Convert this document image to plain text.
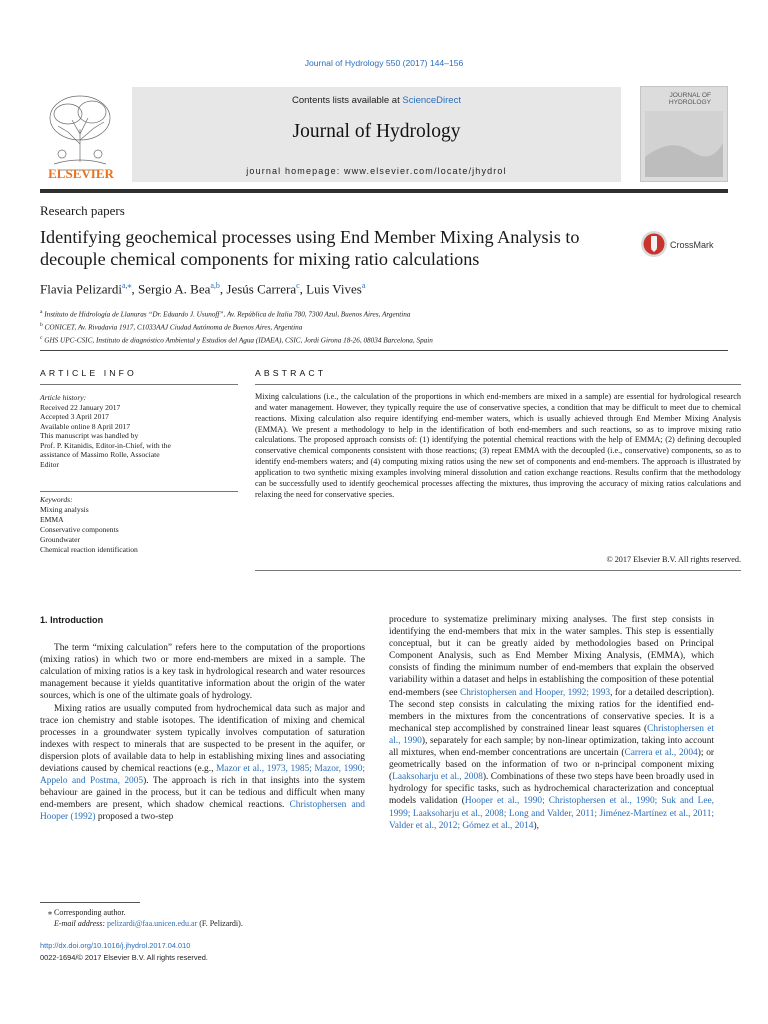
Journal of Hydrology 550 (2017) 144–156
ELSEVIER
Contents lists available at ScienceDirect
Journal of Hydrology
journal homepage: www.elsevier.com/locate/jhydrol
JOURNAL OF HYDROLOGY
Research papers
Identifying geochemical processes using End Member Mixing Analysis to decouple chemical components for mixing ratio calculations
CrossMark
Flavia Pelizardi$^{a,⁎}$, Sergio A. Bea$^{a,b}$, Jesús Carrera$^c$, Luis Vives$^a$
$^a$ Instituto de Hidrología de Llanuras “Dr. Eduardo J. Usunoff”, Av. República de Italia 780, 7300 Azul, Buenos Aires, Argentina
$^b$ CONICET, Av. Rivadavia 1917, C1033AAJ Ciudad Autónoma de Buenos Aires, Argentina
$^c$ GHS UPC-CSIC, Instituto de diagnóstico Ambiental y Estudios del Agua (IDAEA), CSIC, Jordi Girona 18-26, 08034 Barcelona, Spain
ARTICLE INFO
Article history:
Received 22 January 2017
Accepted 3 April 2017
Available online 8 April 2017
This manuscript was handled by
Prof. P. Kitanidis, Editor-in-Chief, with the
assistance of Massimo Rolle, Associate
Editor
Keywords:
Mixing analysis
EMMA
Conservative components
Groundwater
Chemical reaction identification
ABSTRACT
Mixing calculations (i.e., the calculation of the proportions in which end-members are mixed in a sample) are essential for hydrological research and water management. However, they typically require the use of conservative species, a condition that may be difficult to meet due to chemical reactions. Mixing calculation also require identifying end-member waters, which is usually achieved through End Member Mixing Analysis (EMMA). We present a methodology to help in the identification of both end-members and such reactions, so as to improve mixing ratio calculations. The proposed approach consists of: (1) identifying the potential chemical reactions with the help of EMMA; (2) defining decoupled conservative chemical components consistent with those reactions; (3) repeat EMMA with the decoupled (i.e., conservative) components, so as to identify end-members waters; and (4) computing mixing ratios using the new set of components and end-members. The approach is illustrated by application to two synthetic mixing examples involving mineral dissolution and cation exchange reactions. Results confirm that the methodology can be successfully used to identify geochemical processes affecting the mixtures, thus improving the accuracy of mixing ratios calculations and relaxing the need for conservative species.
© 2017 Elsevier B.V. All rights reserved.

1. Introduction

The term “mixing calculation” refers here to the computation of the proportions (mixing ratios) in which two or more end-members are mixed in a sample. The calculation of mixing ratios is a key task in hydrological research and water resources management because it yields quantitative information about the origin of the water sources, which is one of the ultimate goals of hydrology.

Mixing ratios are usually computed from hydrochemical data such as major and trace ion chemistry and stable isotopes. The identification of mixing and chemical processes in a groundwater system typically involves computation of saturation indexes with respect to minerals that are suspected to be present in the aquifer, or dispersion plots of available data to help in establishing mixing lines and associating deviations caused by chemical reactions (e.g., Mazor et al., 1973, 1985; Mazor, 1990; Appelo and Postma, 2005). The approach is rich in that insights into the system behaviour are gained in the process, but it can be tedious and difficult when many end-members are present, which shadow chemical reactions. Christophersen and Hooper (1992) proposed a two-step

procedure to systematize preliminary mixing analyses. The first step consists in identifying the end-members that mix in the water samples. This step is essentially conceptual, but it can be greatly aided by methodologies based on Principal Component Analysis, such as End Member Mixing Analysis, (EMMA), which consists of finding the minimum number of end-members that explain the observed variability within a dataset and helps in establishing the composition of these potential end-members (see Christophersen and Hooper, 1992; 1993, for a detailed description). The second step consists in calculating the mixing ratios for the identified end-members in the mixtures from the concentrations of conservative species. It is a mechanical step accomplished by constrained linear least squares (Christophersen et al., 1990), separately for each sample; by non-linear optimization, taking into account all mixtures, when end-member concentrations are uncertain (Carrera et al., 2004); or geometrically based on the information of two or n-principal component mixing (Laaksoharju et al., 2008). Combinations of these two steps have been broadly used in hydrology for specific tasks, such as hydrochemical characterization and conceptual models validation (Hooper et al., 1990; Christophersen et al., 1990; Suk and Lee, 1999; Laaksoharju et al., 2008; Long and Valder, 2011; Jiménez-Martínez et al., 2011; Valder et al., 2012; Gómez et al., 2014),

⁎ Corresponding author.
E-mail address: pelizardi@faa.unicen.edu.ar (F. Pelizardi).
http://dx.doi.org/10.1016/j.jhydrol.2017.04.010
0022-1694/© 2017 Elsevier B.V. All rights reserved.
